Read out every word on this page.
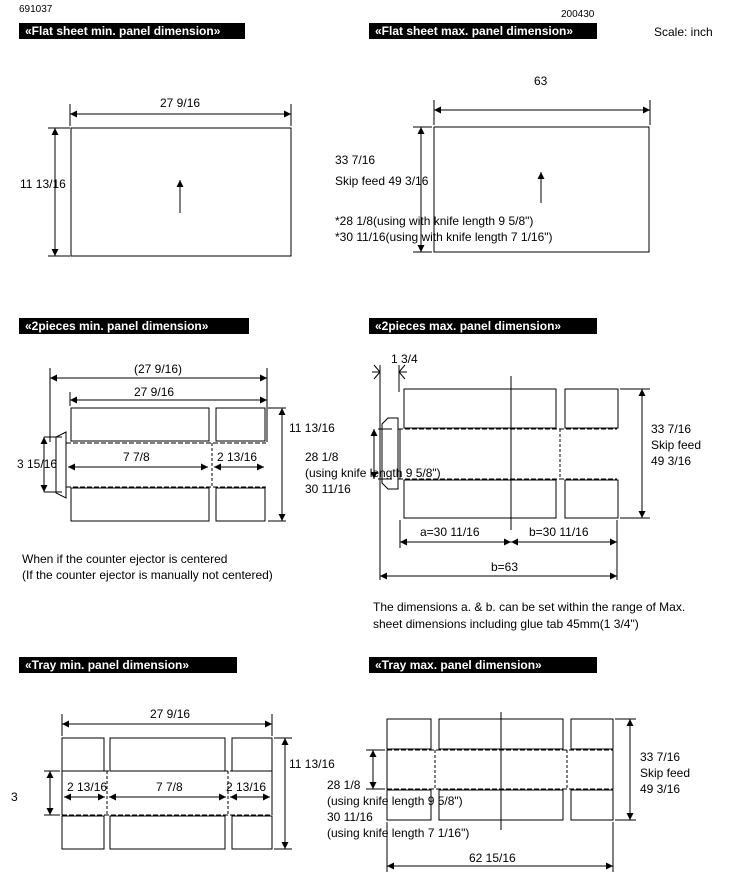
691037	200430
Scale: inch
«Flat sheet min. panel dimension»	«Flat sheet max. panel dimension»
«2pieces min. panel dimension»	«2pieces max. panel dimension»
«Tray min. panel dimension»	«Tray max. panel dimension»
27 9/16
11 13/16
63
33 7/16
Skip feed 49 3/16
*28 1/8(using with knife length 9 5/8")
*30 11/16(using with knife length 7 1/16")
(27 9/16)
27 9/16
11 13/16
3 15/16	7 7/8	2 13/16
When if the counter ejector is centered
(If the counter ejector is manually not centered)
1 3/4
28 1/8
(using knife length 9 5/8")
30 11/16
33 7/16
Skip feed
49 3/16
a=30 11/16	b=30 11/16
b=63
The dimensions a. & b. can be set within the range of Max.
sheet dimensions including glue tab 45mm(1 3/4")
27 9/16
11 13/16
3
2 13/16	7 7/8	2 13/16	28 1/8
(using knife length 9 5/8")
30 11/16
(using knife length 7 1/16")
33 7/16
Skip feed
49 3/16
62 15/16
